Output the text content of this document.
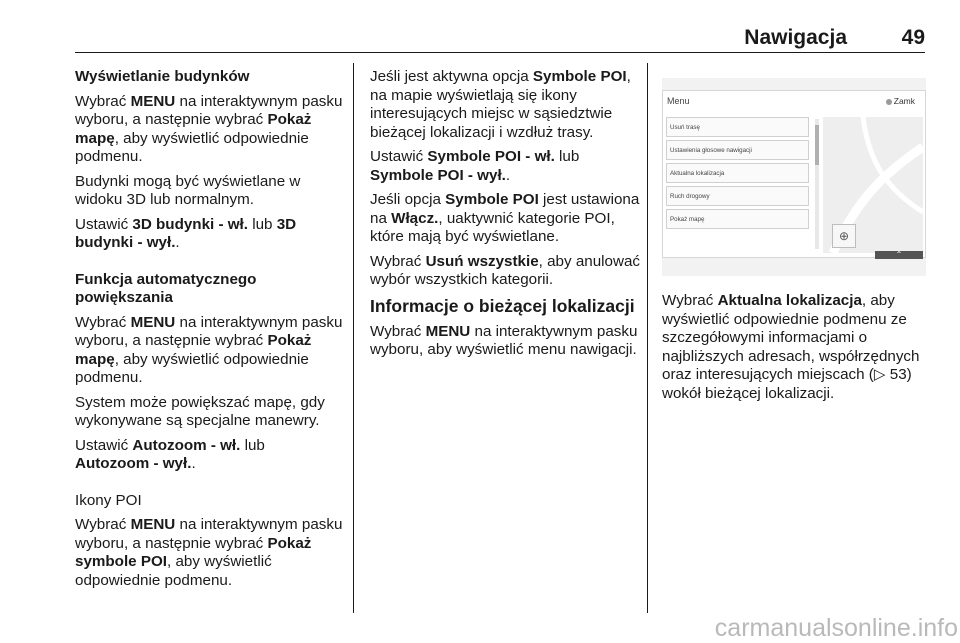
Nawigacja	49

Wyświetlanie budynków

Wybrać MENU na interaktywnym pasku wyboru, a następnie wybrać Pokaż mapę, aby wyświetlić odpowiednie podmenu.

Budynki mogą być wyświetlane w widoku 3D lub normalnym.

Ustawić 3D budynki - wł. lub 3D budynki - wył..

Funkcja automatycznego powiększania

Wybrać MENU na interaktywnym pasku wyboru, a następnie wybrać Pokaż mapę, aby wyświetlić odpowiednie podmenu.

System może powiększać mapę, gdy wykonywane są specjalne manewry.

Ustawić Autozoom - wł. lub Autozoom - wył..

Ikony POI

Wybrać MENU na interaktywnym pasku wyboru, a następnie wybrać Pokaż symbole POI, aby wyświetlić odpowiednie podmenu.

Jeśli jest aktywna opcja Symbole POI, na mapie wyświetlają się ikony interesujących miejsc w sąsiedztwie bieżącej lokalizacji i wzdłuż trasy.

Ustawić Symbole POI - wł. lub
Symbole POI - wył..

Jeśli opcja Symbole POI jest ustawiona na Włącz., uaktywnić kategorie POI, które mają być wyświetlane.

Wybrać Usuń wszystkie, aby anulować wybór wszystkich kategorii.

Informacje o bieżącej lokalizacji

Wybrać MENU na interaktywnym pasku wyboru, aby wyświetlić menu nawigacji.

Menu	Zamk
Usuń trasę
Ustawienia głosowe nawigacji
Aktualna lokalizacja
Ruch drogowy
Pokaż mapę
⊕
⌃

Wybrać Aktualna lokalizacja, aby wyświetlić odpowiednie podmenu ze szczegółowymi informacjami o najbliższych adresach, współrzędnych oraz interesujących miejscach (▷ 53) wokół bieżącej lokalizacji.

carmanualsonline.info
